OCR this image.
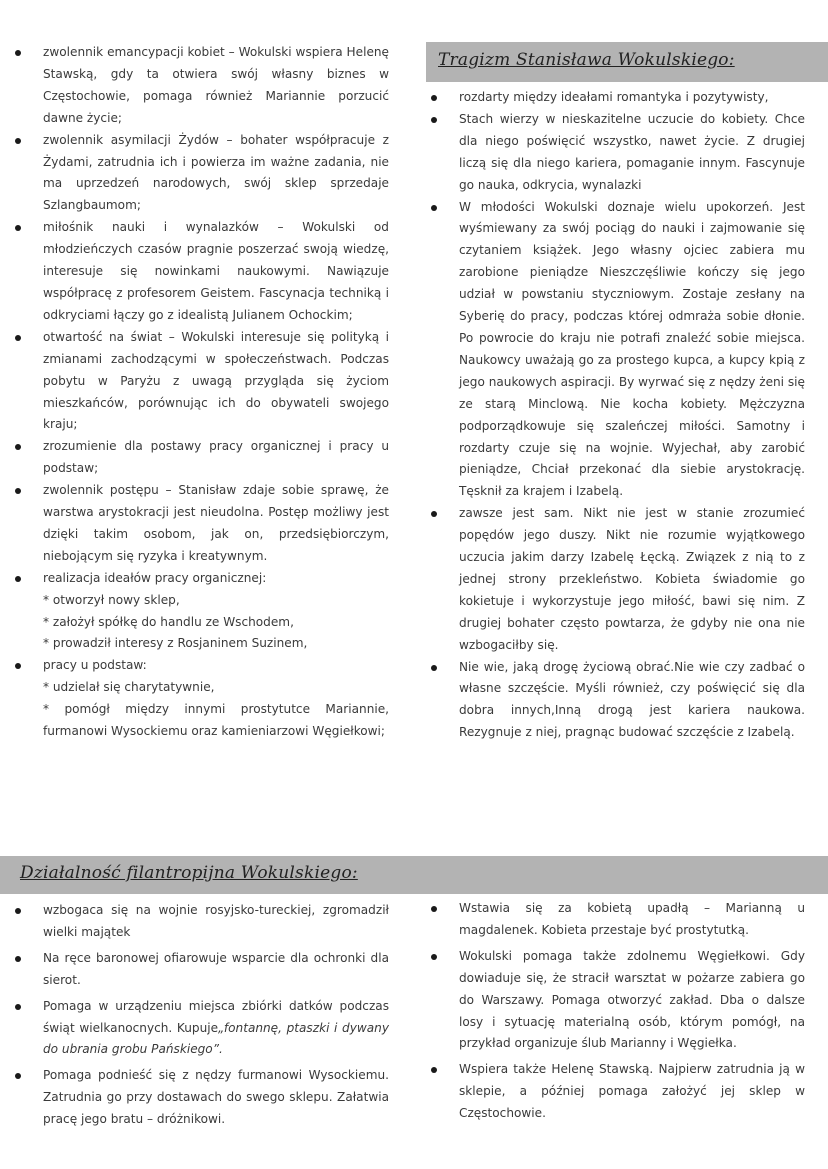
zwolennik emancypacji kobiet – Wokulski wspiera Helenę Stawską, gdy ta otwiera swój własny biznes w Częstochowie, pomaga również Mariannie porzucić dawne życie;
zwolennik asymilacji Żydów – bohater współpracuje z Żydami, zatrudnia ich i powierza im ważne zadania, nie ma uprzedzeń narodowych, swój sklep sprzedaje Szlangbaumom;
miłośnik nauki i wynalazków – Wokulski od młodzieńczych czasów pragnie poszerzać swoją wiedzę, interesuje się nowinkami naukowymi. Nawiązuje współpracę z profesorem Geistem. Fascynacja techniką i odkryciami łączy go z idealistą Julianem Ochockim;
otwartość na świat – Wokulski interesuje się polityką i zmianami zachodzącymi w społeczeństwach. Podczas pobytu w Paryżu z uwagą przygląda się życiom mieszkańców, porównując ich do obywateli swojego kraju;
zrozumienie dla postawy pracy organicznej i pracy u podstaw;
zwolennik postępu – Stanisław zdaje sobie sprawę, że warstwa arystokracji jest nieudolna. Postęp możliwy jest dzięki takim osobom, jak on, przedsiębiorczym, niebojącym się ryzyka i kreatywnym.
realizacja ideałów pracy organicznej:
* otworzył nowy sklep,
* założył spółkę do handlu ze Wschodem,
* prowadził interesy z Rosjaninem Suzinem,
pracy u podstaw:
* udzielał się charytatywnie,
* pomógł między innymi prostytutce Mariannie, furmanowi Wysockiemu oraz kamieniarzowi Węgiełkowi;
Tragizm Stanisława Wokulskiego:
rozdarty między ideałami romantyka i pozytywisty,
Stach wierzy w nieskazitelne uczucie do kobiety. Chce dla niego poświęcić wszystko, nawet życie. Z drugiej liczą się dla niego kariera, pomaganie innym. Fascynuje go nauka, odkrycia, wynalazki
W młodości Wokulski doznaje wielu upokorzeń. Jest wyśmiewany za swój pociąg do nauki i zajmowanie się czytaniem książek. Jego własny ojciec zabiera mu zarobione pieniądze Nieszczęśliwie kończy się jego udział w powstaniu styczniowym. Zostaje zesłany na Syberię do pracy, podczas której odmraża sobie dłonie. Po powrocie do kraju nie potrafi znaleźć sobie miejsca. Naukowcy uważają go za prostego kupca, a kupcy kpią z jego naukowych aspiracji. By wyrwać się z nędzy żeni się ze starą Minclową. Nie kocha kobiety. Mężczyzna podporządkowuje się szaleńczej miłości. Samotny i rozdarty czuje się na wojnie. Wyjechał, aby zarobić pieniądze, Chciał przekonać dla siebie arystokrację. Tęsknił za krajem i Izabelą.
zawsze jest sam. Nikt nie jest w stanie zrozumieć popędów jego duszy. Nikt nie rozumie wyjątkowego uczucia jakim darzy Izabelę Łęcką. Związek z nią to z jednej strony przekleństwo. Kobieta świadomie go kokietuje i wykorzystuje jego miłość, bawi się nim. Z drugiej bohater często powtarza, że gdyby nie ona nie wzbogaciłby się.
Nie wie, jaką drogę życiową obrać.Nie wie czy zadbać o własne szczęście. Myśli również, czy poświęcić się dla dobra innych,Inną drogą jest kariera naukowa. Rezygnuje z niej, pragnąc budować szczęście z Izabelą.
Działalność filantropijna Wokulskiego:
wzbogaca się na wojnie rosyjsko-tureckiej, zgromadził wielki majątek
Na ręce baronowej ofiarowuje wsparcie dla ochronki dla sierot.
Pomaga w urządzeniu miejsca zbiórki datków podczas świąt wielkanocnych. Kupuje„fontannę, ptaszki i dywany do ubrania grobu Pańskiego”.
Pomaga podnieść się z nędzy furmanowi Wysockiemu. Zatrudnia go przy dostawach do swego sklepu. Załatwia pracę jego bratu – dróżnikowi.
Wstawia się za kobietą upadłą – Marianną u magdalenek. Kobieta przestaje być prostytutką.
Wokulski pomaga także zdolnemu Węgiełkowi. Gdy dowiaduje się, że stracił warsztat w pożarze zabiera go do Warszawy. Pomaga otworzyć zakład. Dba o dalsze losy i sytuację materialną osób, którym pomógł, na przykład organizuje ślub Marianny i Węgiełka.
Wspiera także Helenę Stawską. Najpierw zatrudnia ją w sklepie, a później pomaga założyć jej sklep w Częstochowie.
